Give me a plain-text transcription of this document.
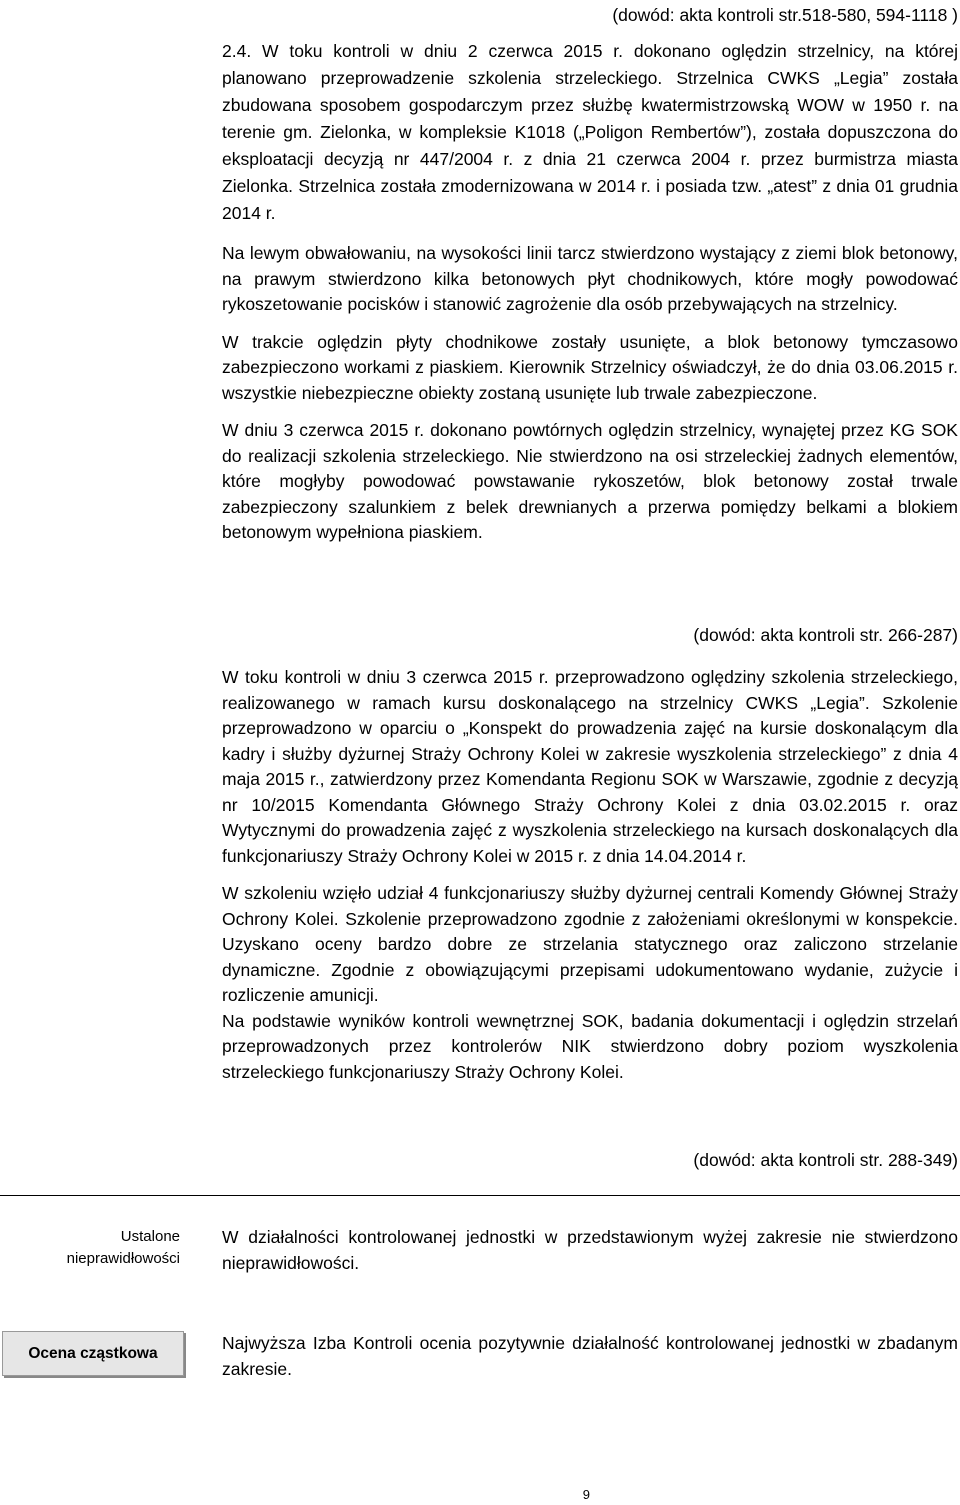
(dowód: akta kontroli str.518-580, 594-1118 )

2.4. W toku kontroli w dniu 2 czerwca 2015 r. dokonano oględzin strzelnicy, na której planowano przeprowadzenie szkolenia strzeleckiego. Strzelnica CWKS „Legia” została zbudowana sposobem gospodarczym przez służbę kwatermistrzowską WOW w 1950 r. na terenie gm. Zielonka, w kompleksie K1018 („Poligon Rembertów”), została dopuszczona do eksploatacji decyzją nr 447/2004 r. z dnia 21 czerwca 2004 r. przez burmistrza miasta Zielonka. Strzelnica została zmodernizowana w 2014 r. i posiada tzw. „atest” z dnia 01 grudnia 2014 r.

Na lewym obwałowaniu, na wysokości linii tarcz stwierdzono wystający z ziemi blok betonowy, na prawym stwierdzono kilka betonowych płyt chodnikowych, które mogły powodować rykoszetowanie pocisków i stanowić zagrożenie dla osób przebywających na strzelnicy.

W trakcie oględzin płyty chodnikowe zostały usunięte, a blok betonowy tymczasowo zabezpieczono workami z piaskiem. Kierownik Strzelnicy oświadczył, że do dnia 03.06.2015 r. wszystkie niebezpieczne obiekty zostaną usunięte lub trwale zabezpieczone.

W dniu 3 czerwca 2015 r. dokonano powtórnych oględzin strzelnicy, wynajętej przez KG SOK do realizacji szkolenia strzeleckiego. Nie stwierdzono na osi strzeleckiej żadnych elementów, które mogłyby powodować powstawanie rykoszetów, blok betonowy został trwale zabezpieczony szalunkiem z belek drewnianych a przerwa pomiędzy belkami a blokiem betonowym wypełniona piaskiem.

(dowód: akta kontroli str. 266-287)

W toku kontroli w dniu 3 czerwca 2015 r. przeprowadzono oględziny szkolenia strzeleckiego, realizowanego w ramach kursu doskonalącego na strzelnicy CWKS „Legia”. Szkolenie przeprowadzono w oparciu o „Konspekt do prowadzenia zajęć na kursie doskonalącym dla kadry i służby dyżurnej Straży Ochrony Kolei w zakresie wyszkolenia strzeleckiego” z dnia 4 maja 2015 r., zatwierdzony przez Komendanta Regionu SOK w Warszawie, zgodnie z decyzją nr 10/2015 Komendanta Głównego Straży Ochrony Kolei z dnia 03.02.2015 r. oraz Wytycznymi do prowadzenia zajęć z wyszkolenia strzeleckiego na kursach doskonalących dla funkcjonariuszy Straży Ochrony Kolei w 2015 r. z dnia 14.04.2014 r.

W szkoleniu wzięło udział 4 funkcjonariuszy służby dyżurnej centrali Komendy Głównej Straży Ochrony Kolei. Szkolenie przeprowadzono zgodnie z założeniami określonymi w konspekcie. Uzyskano oceny bardzo dobre ze strzelania statycznego oraz zaliczono strzelanie dynamiczne. Zgodnie z obowiązującymi przepisami udokumentowano wydanie, zużycie i rozliczenie amunicji.

Na podstawie wyników kontroli wewnętrznej SOK, badania dokumentacji i oględzin strzelań przeprowadzonych przez kontrolerów NIK stwierdzono dobry poziom wyszkolenia strzeleckiego funkcjonariuszy Straży Ochrony Kolei.

(dowód: akta kontroli str. 288-349)
Ustalone nieprawidłowości
W działalności kontrolowanej jednostki w przedstawionym wyżej zakresie nie stwierdzono nieprawidłowości.
Ocena cząstkowa	Najwyższa Izba Kontroli ocenia pozytywnie działalność kontrolowanej jednostki w zbadanym zakresie.
9
